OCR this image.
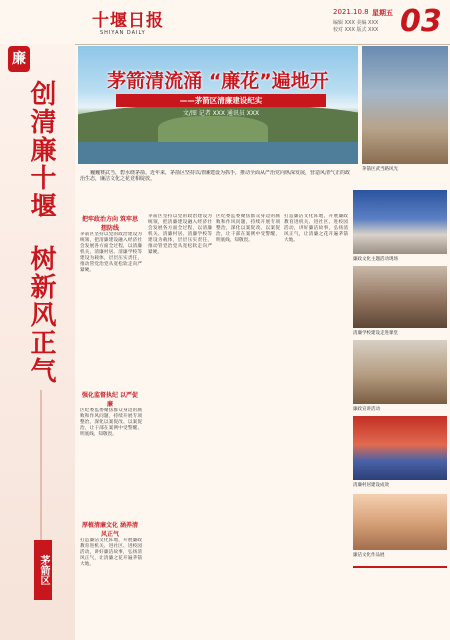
十堰日报
SHIYAN DAILY
2021.10.8 星期五
编辑 XXX 美编 XXX
校对 XXX 版式 XXX 03
廉
创清廉十堰
树新风正气
茅箭区
茅箭清流涌 “廉花”遍地开
——茅箭区清廉建设纪实
文/图 记者 XXX 通讯员 XXX
茅箭区武当路风光
巍巍赛武当，碧水绕茅箭。近年来，茅箭区坚持以清廉建设为抓手，推动全面从严治党向纵深发展，营造风清气正的政治生态，廉洁文化之花竞相绽放。
把牢政治方向 筑牢思想防线
茅箭区坚持以党的政治建设为统领，把清廉建设融入经济社会发展各方面全过程，以清廉机关、清廉村居、清廉学校等建设为载体，层层压实责任，推动管党治党从宽松软走向严紧硬。
强化监督执纪 以严促廉
区纪委监委聚焦群众身边的腐败和作风问题，持续开展专项整治，深化以案促改、以案促治，让干部在案例中受警醒、明底线、知敬畏。
厚植清廉文化 涵养清风正气
打造廉洁文化阵地，开展廉政教育进机关、进社区、进校园活动，讲好廉洁故事，弘扬清风正气，让清廉之花开遍茅箭大地。
茅箭区坚持以党的政治建设为统领，把清廉建设融入经济社会发展各方面全过程，以清廉机关、清廉村居、清廉学校等建设为载体，层层压实责任，推动管党治党从宽松软走向严紧硬。
区纪委监委聚焦群众身边的腐败和作风问题，持续开展专项整治，深化以案促改、以案促治，让干部在案例中受警醒、明底线、知敬畏。
打造廉洁文化阵地，开展廉政教育进机关、进社区、进校园活动，讲好廉洁故事，弘扬清风正气，让清廉之花开遍茅箭大地。
廉政文化主题活动现场
清廉学校建设走进课堂
廉政宣讲活动
清廉村居建设成效
廉洁文化作品展
